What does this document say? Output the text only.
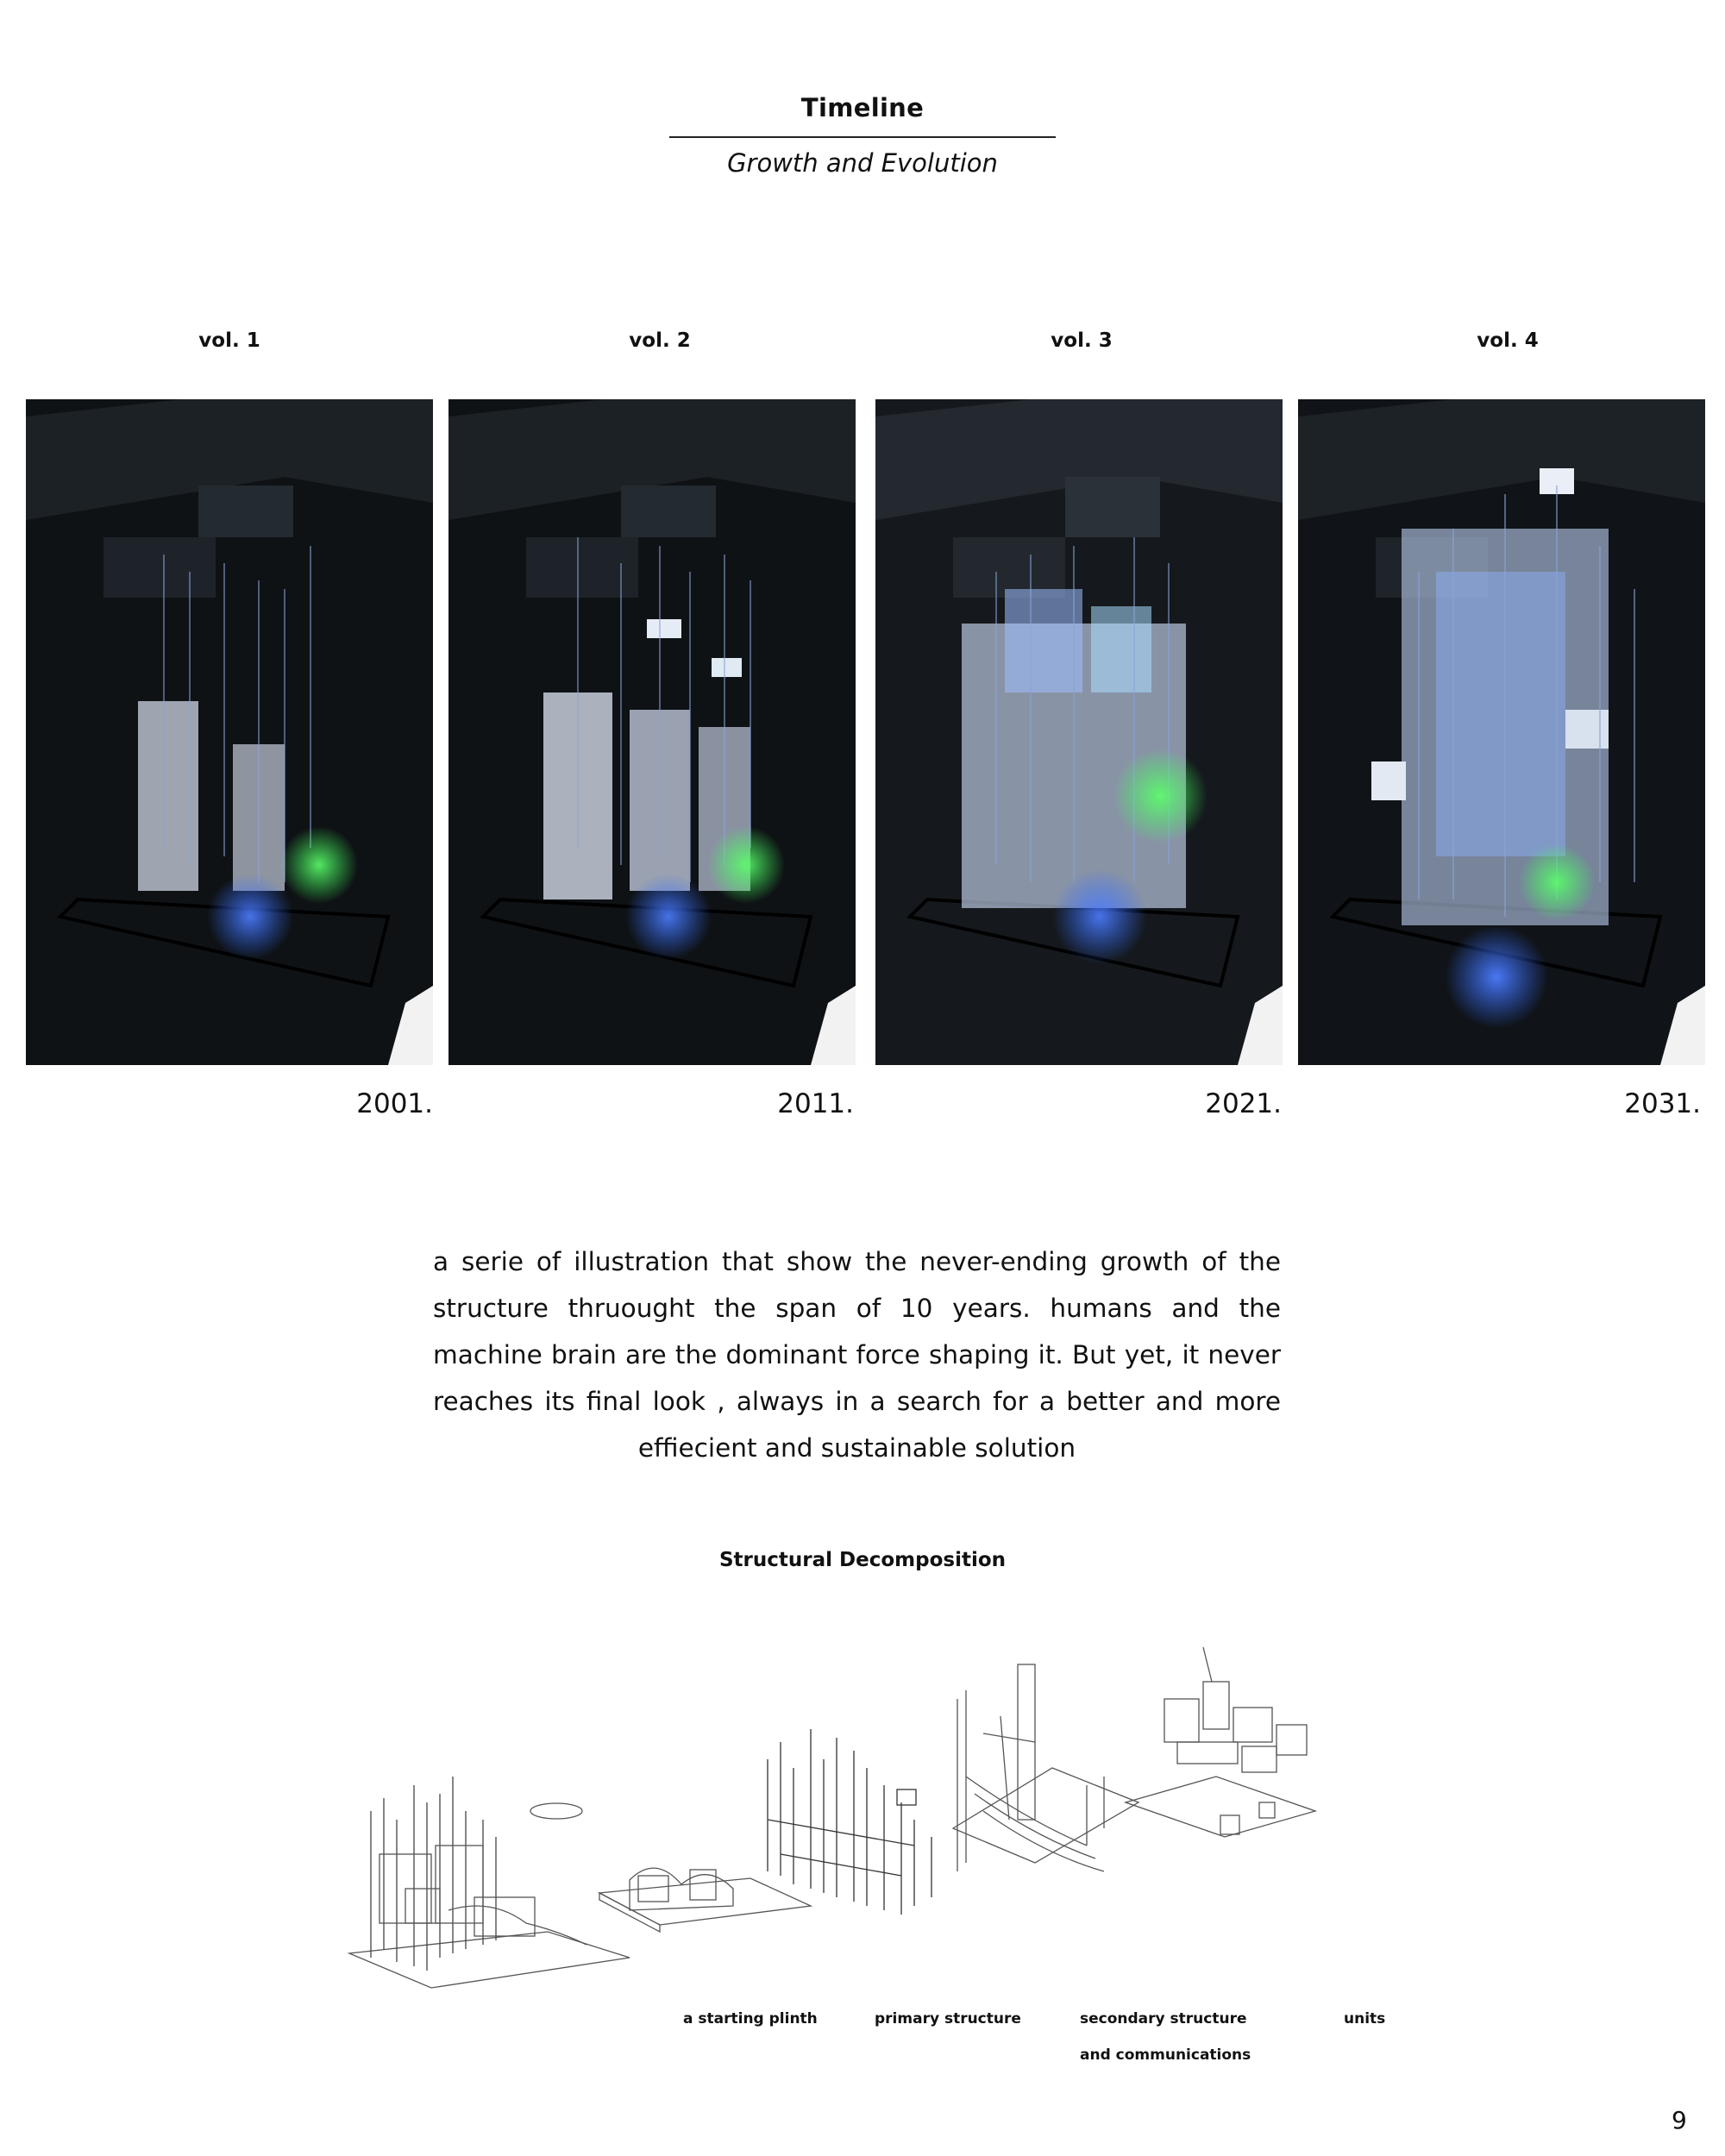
Timeline
Growth and Evolution
vol. 1	vol. 2	vol. 3	vol. 4
2001.	2011.	2021.	2031.
a serie of illustration that show the never-ending growth of the structure thruought the span of 10 years. humans and the machine brain are the dominant force shaping it. But yet, it never reaches its final look , always in a search for a better and more effiecient and sustainable solution
Structural Decomposition
a starting plinth	primary structure	secondary structure
and communications
units
9
